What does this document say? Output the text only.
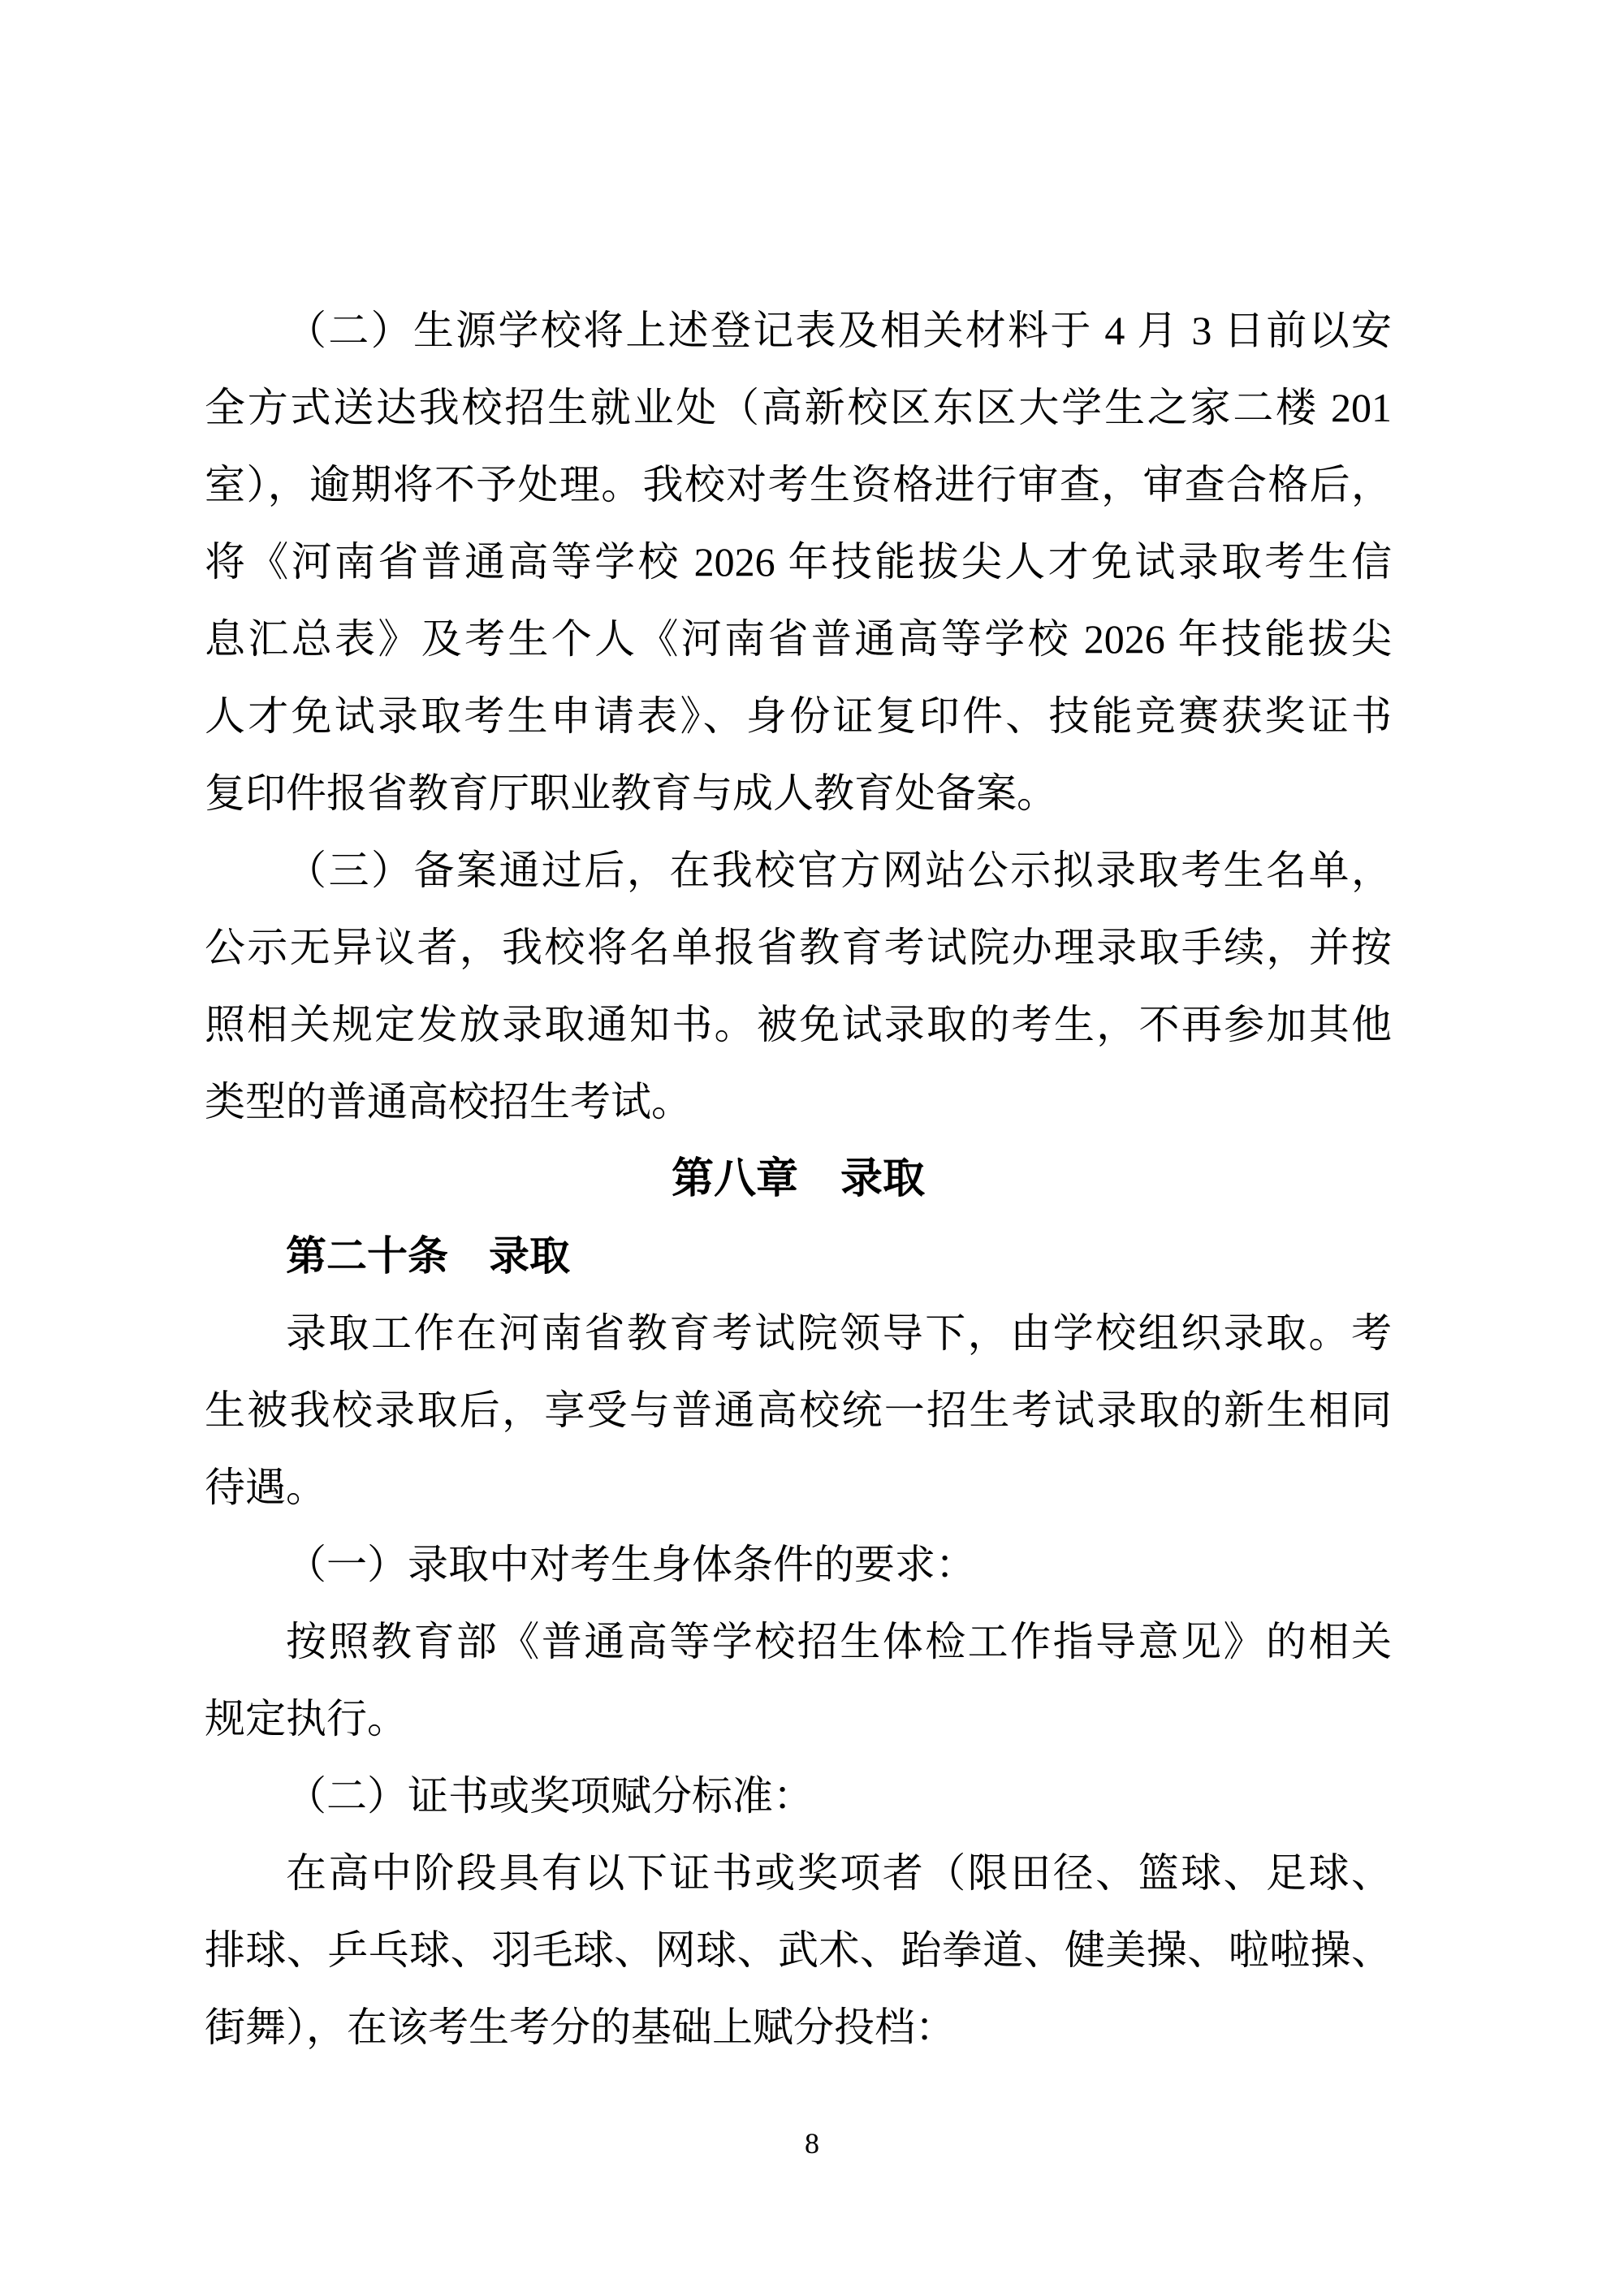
（二）生源学校将上述登记表及相关材料于 4 月 3 日前以安
全方式送达我校招生就业处（高新校区东区大学生之家二楼 201
室），逾期将不予处理。我校对考生资格进行审查，审查合格后，
将《河南省普通高等学校 2026 年技能拔尖人才免试录取考生信
息汇总表》及考生个人《河南省普通高等学校 2026 年技能拔尖
人才免试录取考生申请表》、身份证复印件、技能竞赛获奖证书
复印件报省教育厅职业教育与成人教育处备案。
（三）备案通过后，在我校官方网站公示拟录取考生名单，
公示无异议者，我校将名单报省教育考试院办理录取手续，并按
照相关规定发放录取通知书。被免试录取的考生，不再参加其他
类型的普通高校招生考试。
第八章　录取
第二十条　录取
录取工作在河南省教育考试院领导下，由学校组织录取。考
生被我校录取后，享受与普通高校统一招生考试录取的新生相同
待遇。
（一）录取中对考生身体条件的要求：
按照教育部《普通高等学校招生体检工作指导意见》的相关
规定执行。
（二）证书或奖项赋分标准：
在高中阶段具有以下证书或奖项者（限田径、篮球、足球、
排球、乒乓球、羽毛球、网球、武术、跆拳道、健美操、啦啦操、
街舞），在该考生考分的基础上赋分投档：
8
